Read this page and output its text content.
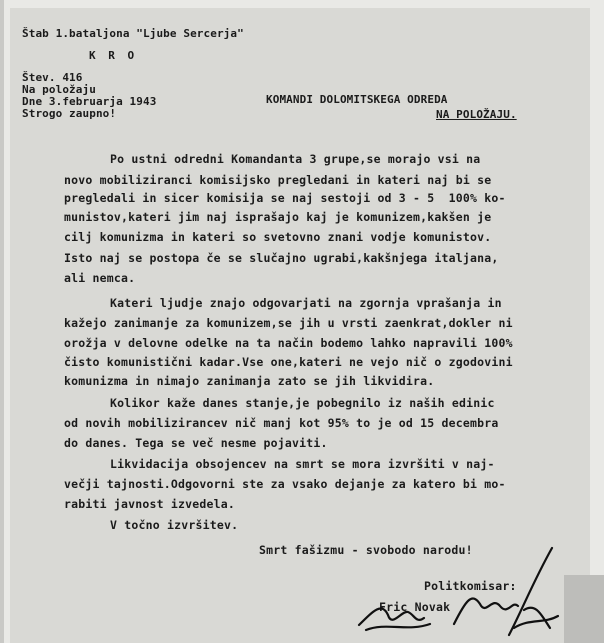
Štab 1.bataljona "Ljube Sercerja"
K R O
Štev. 416
Na položaju
Dne 3.februarja 1943
Strogo zaupno!
KOMANDI DOLOMITSKEGA ODREDA
NA POLOŽAJU.
Po ustni odredni Komandanta 3 grupe,se morajo vsi na
novo mobiliziranci komisijsko pregledani in kateri naj bi se
pregledali in sicer komisija se naj sestoji od 3 - 5  100% ko-
munistov,kateri jim naj isprašajo kaj je komunizem,kakšen je
cilj komunizma in kateri so svetovno znani vodje komunistov.
Isto naj se postopa če se slučajno ugrabi,kakšnjega italjana,
ali nemca.
Kateri ljudje znajo odgovarjati na zgornja vprašanja in
kažejo zanimanje za komunizem,se jih u vrsti zaenkrat,dokler ni
orožja v delovne odelke na ta način bodemo lahko napravili 100%
čisto komunistični kadar.Vse one,kateri ne vejo nič o zgodovini
komunizma in nimajo zanimanja zato se jih likvidira.
Kolikor kaže danes stanje,je pobegnilo iz naših edinic
od novih mobilizirancev nič manj kot 95% to je od 15 decembra
do danes. Tega se več nesme pojaviti.
Likvidacija obsojencev na smrt se mora izvršiti v naj-
večji tajnosti.Odgovorni ste za vsako dejanje za katero bi mo-
rabiti javnost izvedela.
V točno izvršitev.
Smrt fašizmu - svobodo narodu!
Politkomisar:
Fric Novak
